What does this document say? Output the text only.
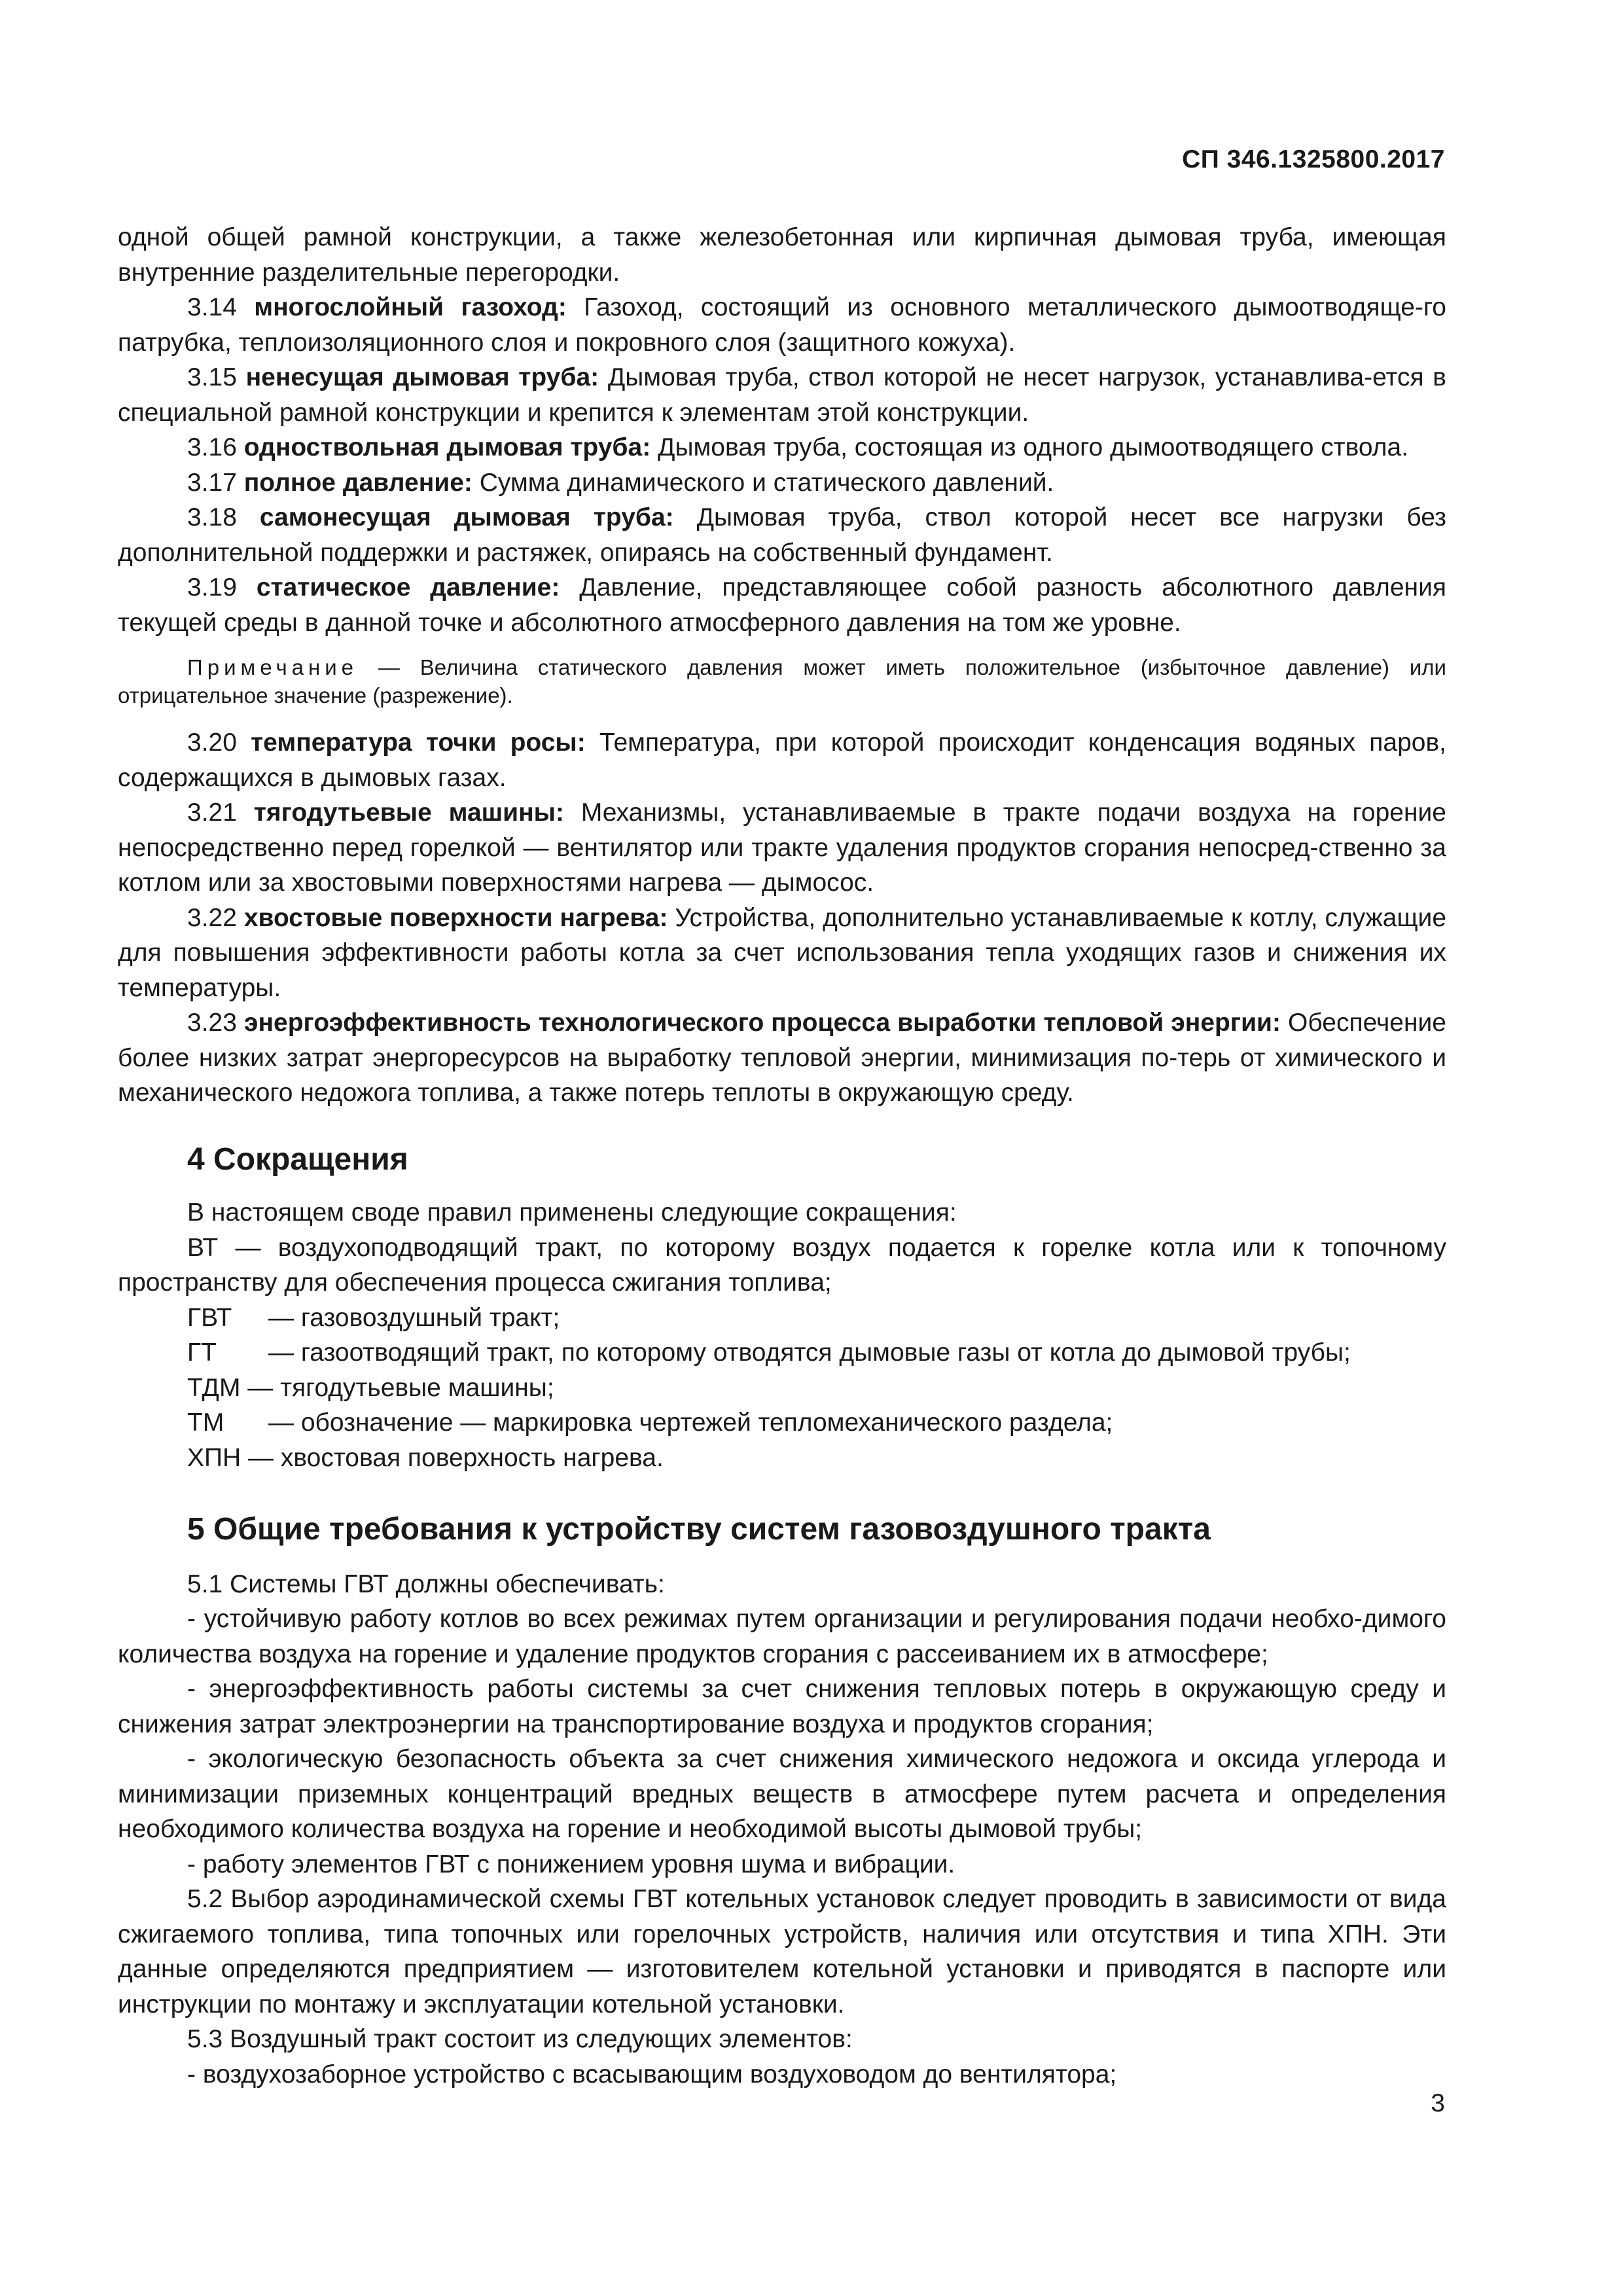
СП 346.1325800.2017

одной общей рамной конструкции, а также железобетонная или кирпичная дымовая труба, имеющая внутренние разделительные перегородки.

3.14 многослойный газоход: Газоход, состоящий из основного металлического дымоотводяще-го патрубка, теплоизоляционного слоя и покровного слоя (защитного кожуха).

3.15 ненесущая дымовая труба: Дымовая труба, ствол которой не несет нагрузок, устанавлива-ется в специальной рамной конструкции и крепится к элементам этой конструкции.

3.16 одноствольная дымовая труба: Дымовая труба, состоящая из одного дымоотводящего ствола.

3.17 полное давление: Сумма динамического и статического давлений.

3.18 самонесущая дымовая труба: Дымовая труба, ствол которой несет все нагрузки без дополнительной поддержки и растяжек, опираясь на собственный фундамент.

3.19 статическое давление: Давление, представляющее собой разность абсолютного давления текущей среды в данной точке и абсолютного атмосферного давления на том же уровне.

Примечание — Величина статического давления может иметь положительное (избыточное давление) или отрицательное значение (разрежение).

3.20 температура точки росы: Температура, при которой происходит конденсация водяных паров, содержащихся в дымовых газах.

3.21 тягодутьевые машины: Механизмы, устанавливаемые в тракте подачи воздуха на горение непосредственно перед горелкой — вентилятор или тракте удаления продуктов сгорания непосред-ственно за котлом или за хвостовыми поверхностями нагрева — дымосос.

3.22 хвостовые поверхности нагрева: Устройства, дополнительно устанавливаемые к котлу, служащие для повышения эффективности работы котла за счет использования тепла уходящих газов и снижения их температуры.

3.23 энергоэффективность технологического процесса выработки тепловой энергии: Обеспечение более низких затрат энергоресурсов на выработку тепловой энергии, минимизация по-терь от химического и механического недожога топлива, а также потерь теплоты в окружающую среду.

4 Сокращения

В настоящем своде правил применены следующие сокращения:

ВТ — воздухоподводящий тракт, по которому воздух подается к горелке котла или к топочному пространству для обеспечения процесса сжигания топлива;

ГВТ	— газовоздушный тракт;
ГТ	— газоотводящий тракт, по которому отводятся дымовые газы от котла до дымовой трубы;
ТДМ — тягодутьевые машины;
ТМ	— обозначение — маркировка чертежей тепломеханического раздела;
ХПН — хвостовая поверхность нагрева.
5 Общие требования к устройству систем газовоздушного тракта

5.1 Системы ГВТ должны обеспечивать:

- устойчивую работу котлов во всех режимах путем организации и регулирования подачи необхо-димого количества воздуха на горение и удаление продуктов сгорания с рассеиванием их в атмосфере;

- энергоэффективность работы системы за счет снижения тепловых потерь в окружающую среду и снижения затрат электроэнергии на транспортирование воздуха и продуктов сгорания;

- экологическую безопасность объекта за счет снижения химического недожога и оксида углерода и минимизации приземных концентраций вредных веществ в атмосфере путем расчета и определения необходимого количества воздуха на горение и необходимой высоты дымовой трубы;

- работу элементов ГВТ с понижением уровня шума и вибрации.

5.2 Выбор аэродинамической схемы ГВТ котельных установок следует проводить в зависимости от вида сжигаемого топлива, типа топочных или горелочных устройств, наличия или отсутствия и типа ХПН. Эти данные определяются предприятием — изготовителем котельной установки и приводятся в паспорте или инструкции по монтажу и эксплуатации котельной установки.

5.3 Воздушный тракт состоит из следующих элементов:

- воздухозаборное устройство с всасывающим воздуховодом до вентилятора;

3
